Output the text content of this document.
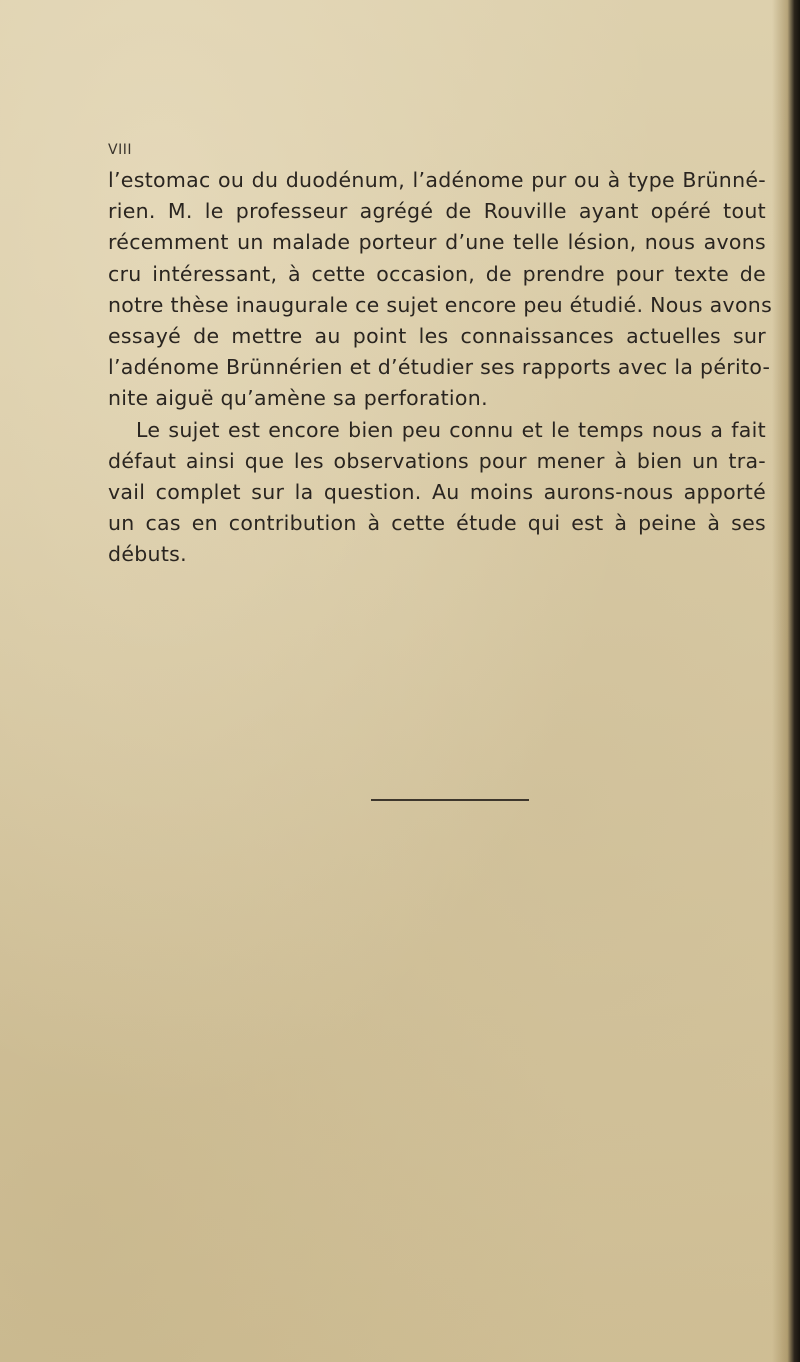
VIII

l’estomac ou du duodénum, l’adénome pur ou à type Brünné-
rien. M. le professeur agrégé de Rouville ayant opéré tout
récemment un malade porteur d’une telle lésion, nous avons
cru intéressant, à cette occasion, de prendre pour texte de
notre thèse inaugurale ce sujet encore peu étudié. Nous avons
essayé de mettre au point les connaissances actuelles sur
l’adénome Brünnérien et d’étudier ses rapports avec la périto-
nite aiguë qu’amène sa perforation.

Le sujet est encore bien peu connu et le temps nous a fait
défaut ainsi que les observations pour mener à bien un tra-
vail complet sur la question. Au moins aurons-nous apporté
un cas en contribution à cette étude qui est à peine à ses
débuts.
